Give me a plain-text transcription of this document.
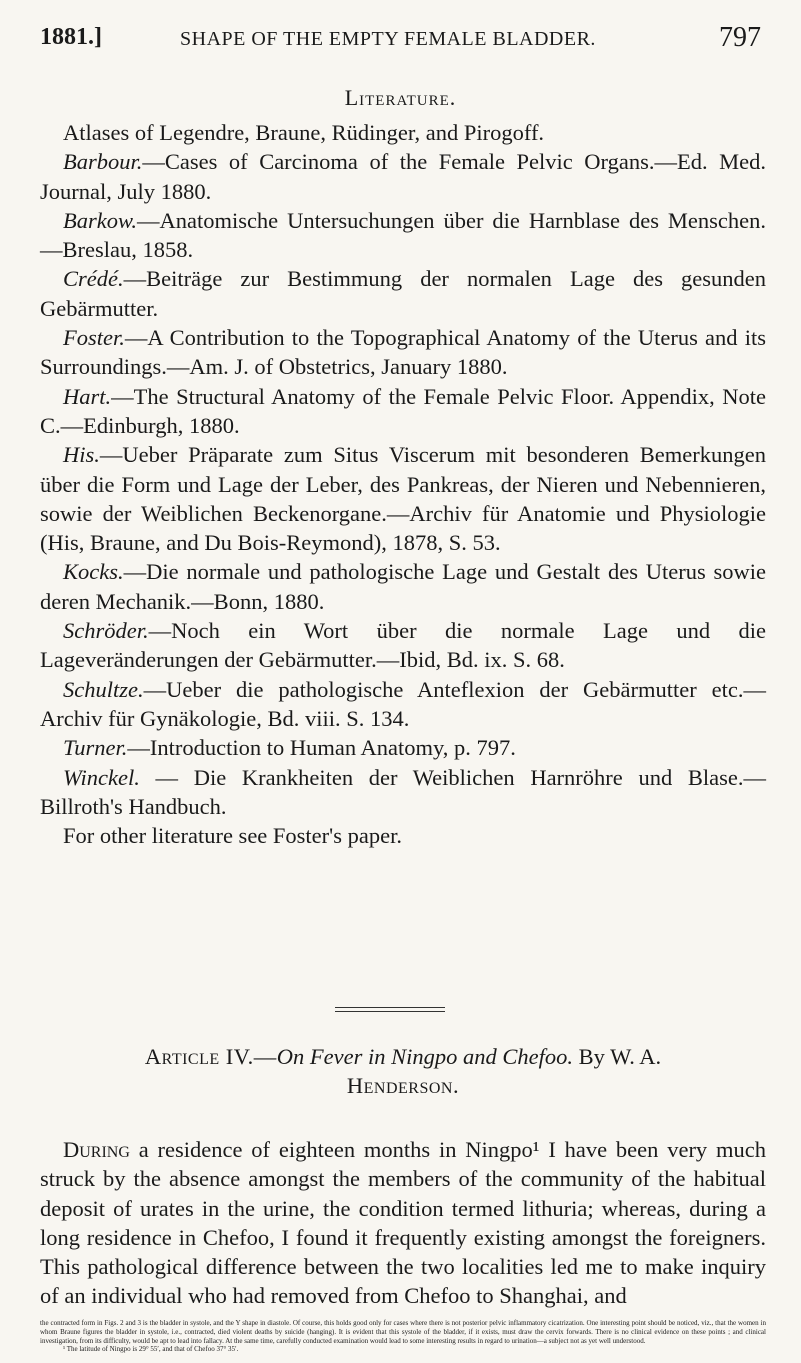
1881.]	SHAPE OF THE EMPTY FEMALE BLADDER.	797
Literature.

Atlases of Legendre, Braune, Rüdinger, and Pirogoff.

Barbour.—Cases of Carcinoma of the Female Pelvic Organs.—Ed. Med. Journal, July 1880.

Barkow.—Anatomische Untersuchungen über die Harnblase des Menschen.—Breslau, 1858.

Crédé.—Beiträge zur Bestimmung der normalen Lage des gesunden Gebärmutter.

Foster.—A Contribution to the Topographical Anatomy of the Uterus and its Surroundings.—Am. J. of Obstetrics, January 1880.

Hart.—The Structural Anatomy of the Female Pelvic Floor. Appendix, Note C.—Edinburgh, 1880.

His.—Ueber Präparate zum Situs Viscerum mit besonderen Bemerkungen über die Form und Lage der Leber, des Pankreas, der Nieren und Nebennieren, sowie der Weiblichen Beckenorgane.—Archiv für Anatomie und Physiologie (His, Braune, and Du Bois-Reymond), 1878, S. 53.

Kocks.—Die normale und pathologische Lage und Gestalt des Uterus sowie deren Mechanik.—Bonn, 1880.

Schröder.—Noch ein Wort über die normale Lage und die Lageveränderungen der Gebärmutter.—Ibid, Bd. ix. S. 68.

Schultze.—Ueber die pathologische Anteflexion der Gebärmutter etc.—Archiv für Gynäkologie, Bd. viii. S. 134.

Turner.—Introduction to Human Anatomy, p. 797.

Winckel. — Die Krankheiten der Weiblichen Harnröhre und Blase.—Billroth's Handbuch.

For other literature see Foster's paper.

Article IV.—On Fever in Ningpo and Chefoo. By W. A.
Henderson.

During a residence of eighteen months in Ningpo¹ I have been very much struck by the absence amongst the members of the community of the habitual deposit of urates in the urine, the condition termed lithuria; whereas, during a long residence in Chefoo, I found it frequently existing amongst the foreigners. This pathological difference between the two localities led me to make inquiry of an individual who had removed from Chefoo to Shanghai, and

the contracted form in Figs. 2 and 3 is the bladder in systole, and the Y shape in diastole. Of course, this holds good only for cases where there is not posterior pelvic inflammatory cicatrization. One interesting point should be noticed, viz., that the women in whom Braune figures the bladder in systole, i.e., contracted, died violent deaths by suicide (hanging). It is evident that this systole of the bladder, if it exists, must draw the cervix forwards. There is no clinical evidence on these points ; and clinical investigation, from its difficulty, would be apt to lead into fallacy. At the same time, carefully conducted examination would lead to some interesting results in regard to urination—a subject not as yet well understood.

¹ The latitude of Ningpo is 29° 55′, and that of Chefoo 37° 35′.
